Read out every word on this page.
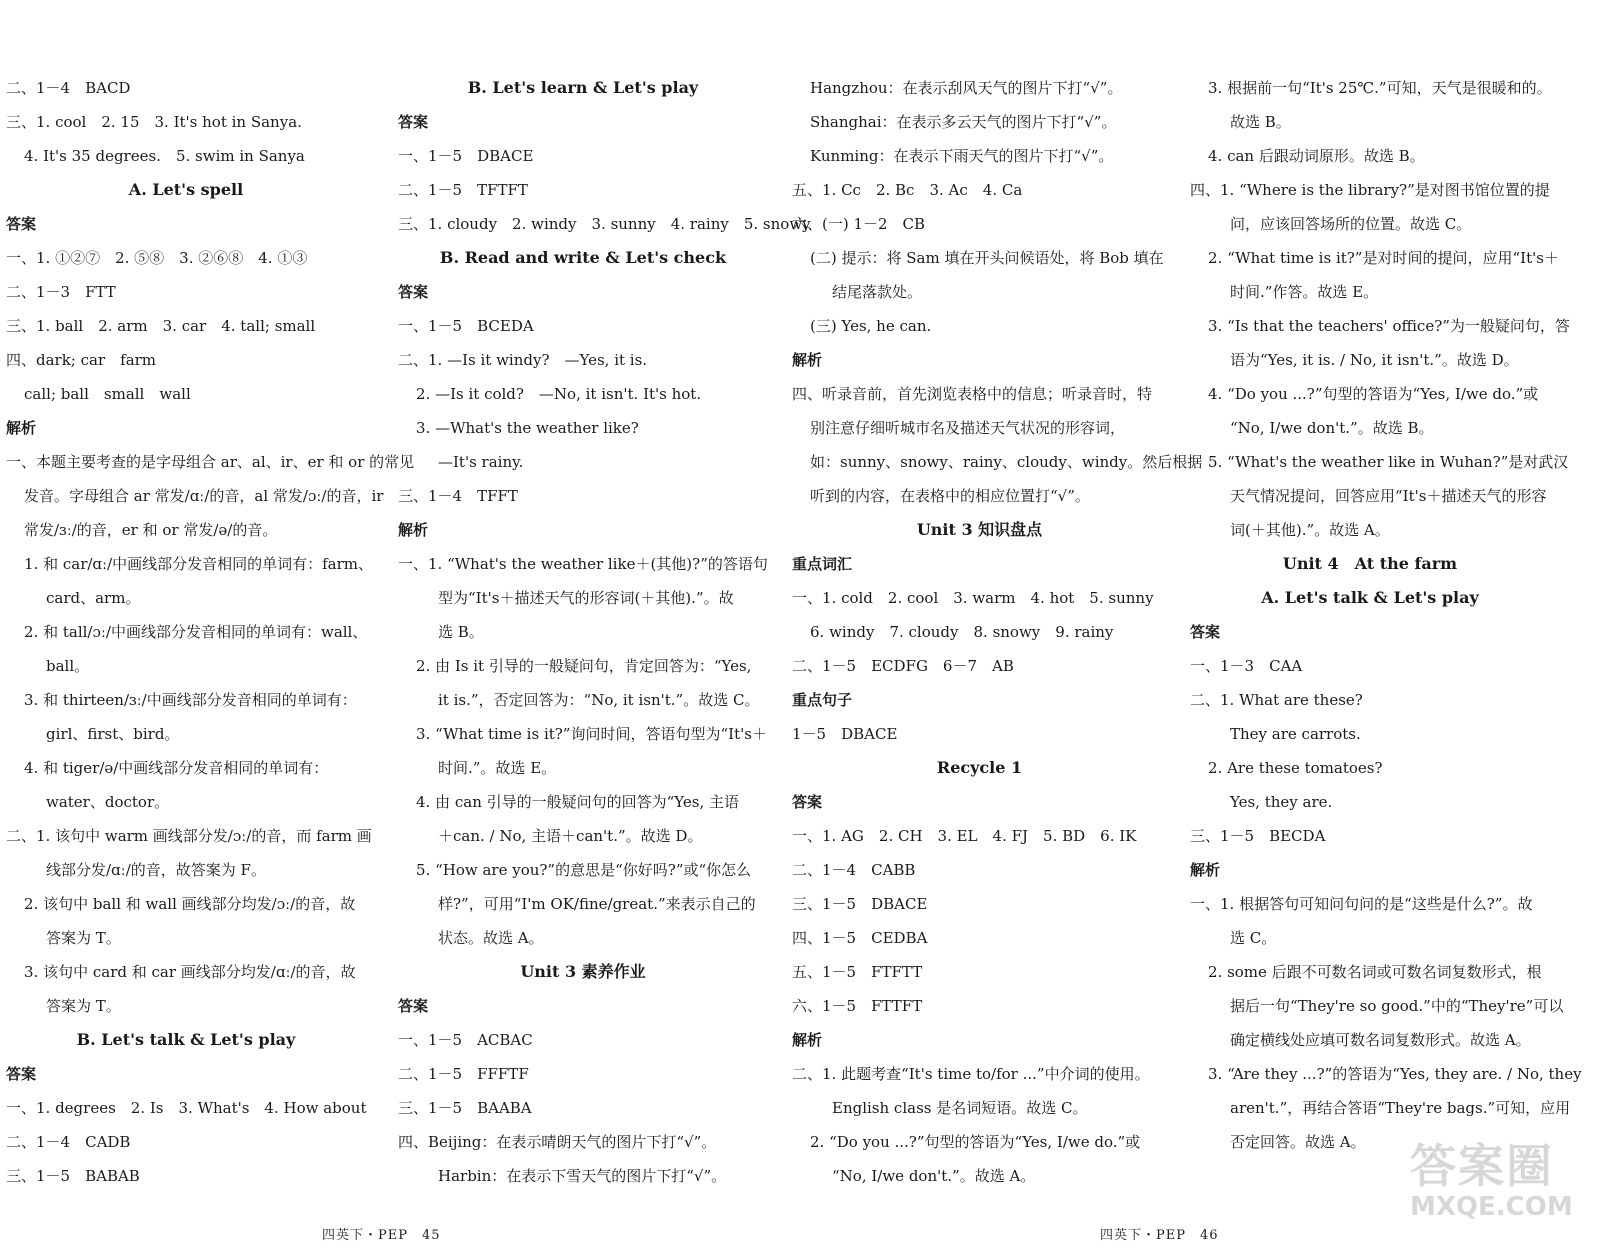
二、1－4　BACD
三、1. cool　2. 15　3. It's hot in Sanya.
4. It's 35 degrees.　5. swim in Sanya
A. Let's spell
答案
一、1. ①②⑦　2. ⑤⑧　3. ②⑥⑧　4. ①③
二、1－3　FTT
三、1. ball　2. arm　3. car　4. tall; small
四、dark; car　farm
call; ball　small　wall
解析
一、本题主要考查的是字母组合 ar、al、ir、er 和 or 的常见
发音。字母组合 ar 常发/ɑː/的音，al 常发/ɔː/的音，ir
常发/ɜː/的音，er 和 or 常发/ə/的音。
1. 和 car/ɑː/中画线部分发音相同的单词有：farm、
card、arm。
2. 和 tall/ɔː/中画线部分发音相同的单词有：wall、
ball。
3. 和 thirteen/ɜː/中画线部分发音相同的单词有：
girl、first、bird。
4. 和 tiger/ə/中画线部分发音相同的单词有：
water、doctor。
二、1. 该句中 warm 画线部分发/ɔː/的音，而 farm 画
线部分发/ɑː/的音，故答案为 F。
2. 该句中 ball 和 wall 画线部分均发/ɔː/的音，故
答案为 T。
3. 该句中 card 和 car 画线部分均发/ɑː/的音，故
答案为 T。
B. Let's talk & Let's play
答案
一、1. degrees　2. Is　3. What's　4. How about
二、1－4　CADB
三、1－5　BABAB
B. Let's learn & Let's play
答案
一、1－5　DBACE
二、1－5　TFTFT
三、1. cloudy　2. windy　3. sunny　4. rainy　5. snowy
B. Read and write & Let's check
答案
一、1－5　BCEDA
二、1. —Is it windy?　—Yes, it is.
2. —Is it cold?　—No, it isn't. It's hot.
3. —What's the weather like?
—It's rainy.
三、1－4　TFFT
解析
一、1. “What's the weather like＋(其他)?”的答语句
型为“It's＋描述天气的形容词(＋其他).”。故
选 B。
2. 由 Is it 引导的一般疑问句，肯定回答为：“Yes,
it is.”，否定回答为：“No, it isn't.”。故选 C。
3. “What time is it?”询问时间，答语句型为“It's＋
时间.”。故选 E。
4. 由 can 引导的一般疑问句的回答为“Yes, 主语
＋can. / No, 主语＋can't.”。故选 D。
5. “How are you?”的意思是“你好吗?”或“你怎么
样?”，可用“I'm OK/fine/great.”来表示自己的
状态。故选 A。
Unit 3 素养作业
答案
一、1－5　ACBAC
二、1－5　FFFTF
三、1－5　BAABA
四、Beijing：在表示晴朗天气的图片下打“√”。
Harbin：在表示下雪天气的图片下打“√”。
Hangzhou：在表示刮风天气的图片下打“√”。
Shanghai：在表示多云天气的图片下打“√”。
Kunming：在表示下雨天气的图片下打“√”。
五、1. Cc　2. Bc　3. Ac　4. Ca
六、(一) 1－2　CB
(二) 提示：将 Sam 填在开头问候语处，将 Bob 填在
结尾落款处。
(三) Yes, he can.
解析
四、听录音前，首先浏览表格中的信息；听录音时，特
别注意仔细听城市名及描述天气状况的形容词，
如：sunny、snowy、rainy、cloudy、windy。然后根据
听到的内容，在表格中的相应位置打“√”。
Unit 3 知识盘点
重点词汇
一、1. cold　2. cool　3. warm　4. hot　5. sunny
6. windy　7. cloudy　8. snowy　9. rainy
二、1－5　ECDFG　6－7　AB
重点句子
1－5　DBACE
Recycle 1
答案
一、1. AG　2. CH　3. EL　4. FJ　5. BD　6. IK
二、1－4　CABB
三、1－5　DBACE
四、1－5　CEDBA
五、1－5　FTFTT
六、1－5　FTTFT
解析
二、1. 此题考查“It's time to/for ...”中介词的使用。
English class 是名词短语。故选 C。
2. “Do you ...?”句型的答语为“Yes, I/we do.”或
“No, I/we don't.”。故选 A。
3. 根据前一句“It's 25℃.”可知，天气是很暖和的。
故选 B。
4. can 后跟动词原形。故选 B。
四、1. “Where is the library?”是对图书馆位置的提
问，应该回答场所的位置。故选 C。
2. “What time is it?”是对时间的提问，应用“It's＋
时间.”作答。故选 E。
3. “Is that the teachers' office?”为一般疑问句，答
语为“Yes, it is. / No, it isn't.”。故选 D。
4. “Do you ...?”句型的答语为“Yes, I/we do.”或
“No, I/we don't.”。故选 B。
5. “What's the weather like in Wuhan?”是对武汉
天气情况提问，回答应用“It's＋描述天气的形容
词(＋其他).”。故选 A。
Unit 4　At the farm
A. Let's talk & Let's play
答案
一、1－3　CAA
二、1. What are these?
They are carrots.
2. Are these tomatoes?
Yes, they are.
三、1－5　BECDA
解析
一、1. 根据答句可知问句问的是“这些是什么?”。故
选 C。
2. some 后跟不可数名词或可数名词复数形式，根
据后一句“They're so good.”中的“They're”可以
确定横线处应填可数名词复数形式。故选 A。
3. “Are they ...?”的答语为“Yes, they are. / No, they
aren't.”，再结合答语“They're bags.”可知，应用
否定回答。故选 A。
四英下・PEP　45	四英下・PEP　46
答案圈
MXQE.COM
